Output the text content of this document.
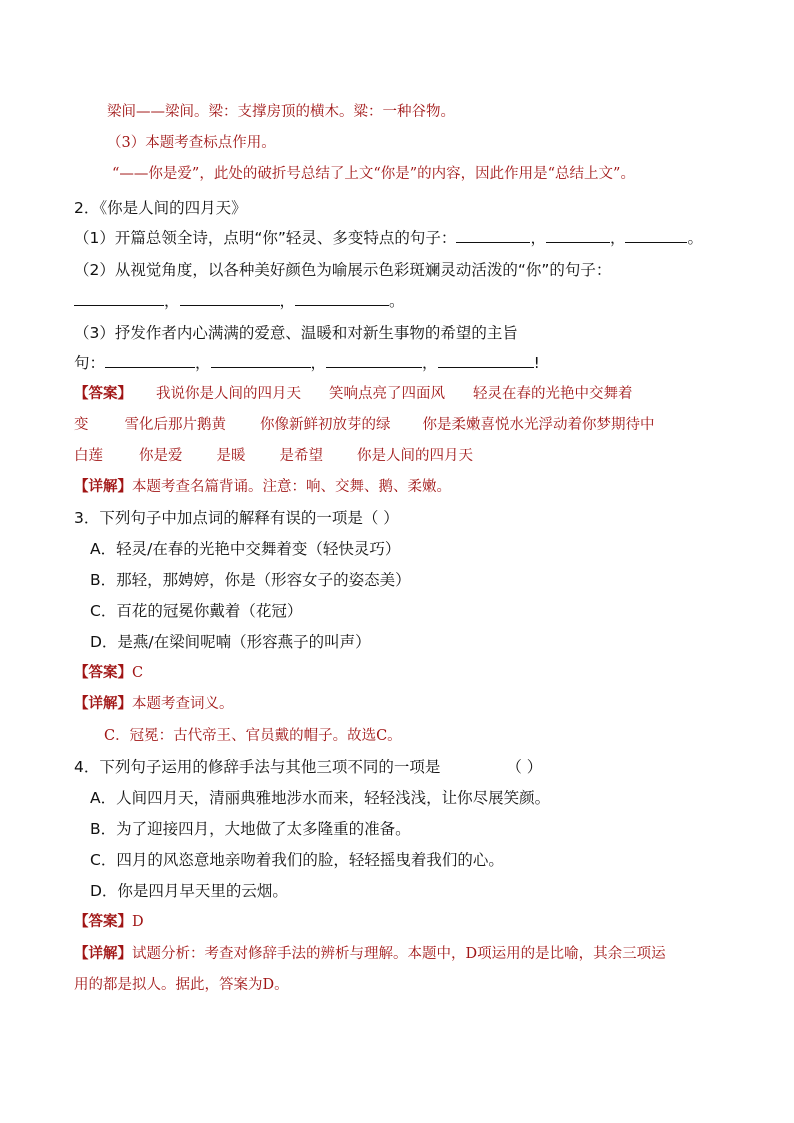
梁间——梁间。梁：支撑房顶的横木。粱：一种谷物。
（3）本题考查标点作用。
“——你是爱”，此处的破折号总结了上文“你是”的内容，因此作用是“总结上文”。
2．《你是人间的四月天》
（1）开篇总领全诗，点明“你”轻灵、多变特点的句子：	，	，	。
（2）从视觉角度，以各种美好颜色为喻展示色彩斑斓灵动活泼的“你”的句子：
，	，	。
（3）抒发作者内心满满的爱意、温暖和对新生事物的希望的主旨
句：	，	，	，	!
【答案】 我说你是人间的四月天 笑响点亮了四面风 轻灵在春的光艳中交舞着
变 雪化后那片鹅黄 你像新鲜初放芽的绿 你是柔嫩喜悦水光浮动着你梦期待中
白莲 你是爱 是暖 是希望 你是人间的四月天
【详解】本题考查名篇背诵。注意：响、交舞、鹅、柔嫩。
3．下列句子中加点词的解释有误的一项是（ ）
A．轻灵/在春的光艳中交舞着变（轻快灵巧）
B．那轻，那娉婷，你是（形容女子的姿态美）
C．百花的冠冕你戴着（花冠）
D．是燕/在梁间呢喃（形容燕子的叫声）
【答案】C
【详解】本题考查词义。
C．冠冕：古代帝王、官员戴的帽子。故选C。
4．下列句子运用的修辞手法与其他三项不同的一项是	（ ）
A．人间四月天，清丽典雅地涉水而来，轻轻浅浅，让你尽展笑颜。
B．为了迎接四月，大地做了太多隆重的准备。
C．四月的风恣意地亲吻着我们的脸，轻轻摇曳着我们的心。
D．你是四月早天里的云烟。
【答案】D
【详解】试题分析：考查对修辞手法的辨析与理解。本题中，D项运用的是比喻，其余三项运
用的都是拟人。据此，答案为D。
